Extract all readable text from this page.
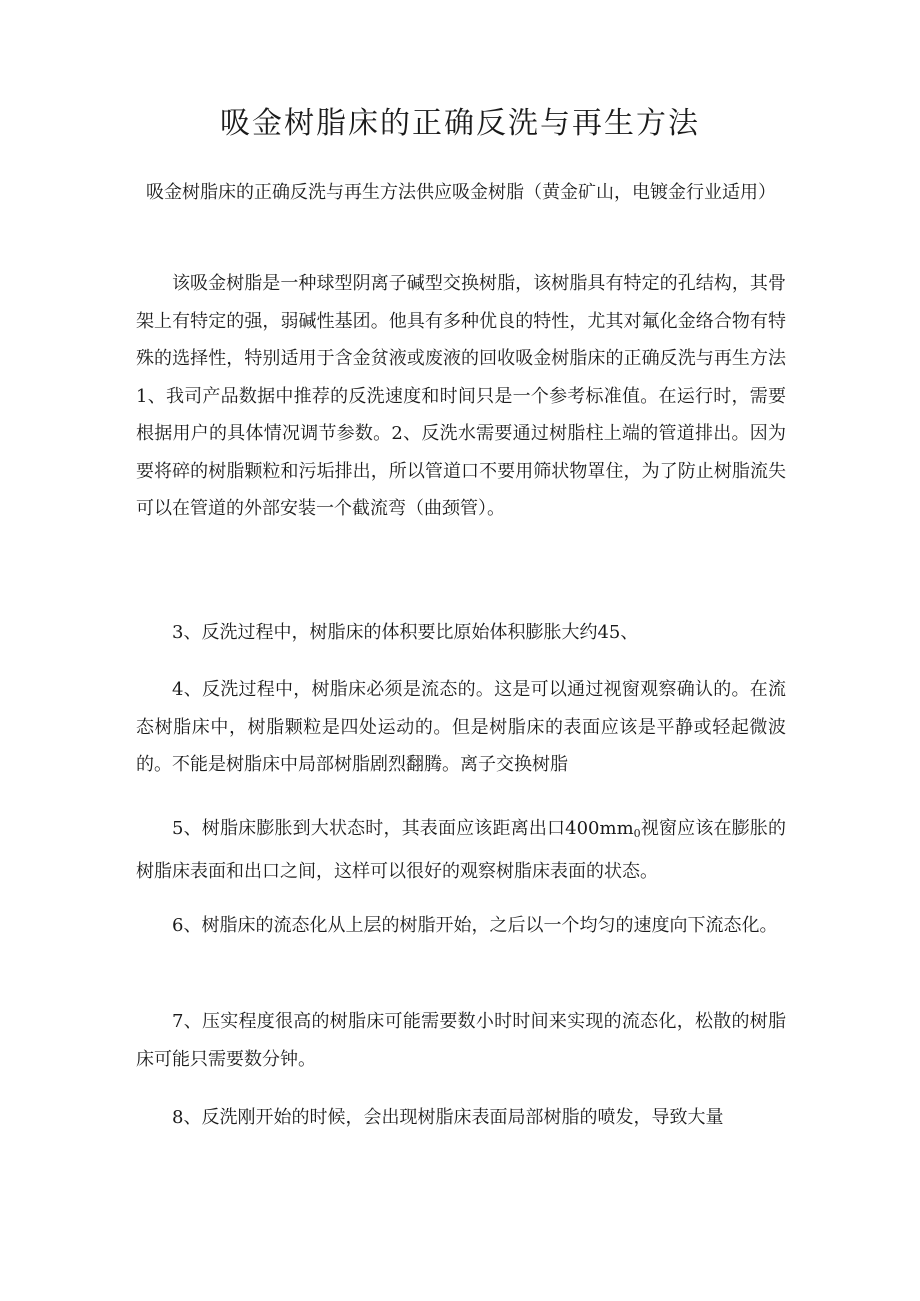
吸金树脂床的正确反洗与再生方法

吸金树脂床的正确反洗与再生方法供应吸金树脂（黄金矿山，电镀金行业适用）

该吸金树脂是一种球型阴离子碱型交换树脂，该树脂具有特定的孔结构，其骨架上有特定的强，弱碱性基团。他具有多种优良的特性，尤其对氟化金络合物有特殊的选择性，特别适用于含金贫液或废液的回收吸金树脂床的正确反洗与再生方法1、我司产品数据中推荐的反洗速度和时间只是一个参考标准值。在运行时，需要根据用户的具体情况调节参数。2、反洗水需要通过树脂柱上端的管道排出。因为要将碎的树脂颗粒和污垢排出，所以管道口不要用筛状物罩住，为了防止树脂流失可以在管道的外部安装一个截流弯（曲颈管）。

3、反洗过程中，树脂床的体积要比原始体积膨胀大约45、

4、反洗过程中，树脂床必须是流态的。这是可以通过视窗观察确认的。在流态树脂床中，树脂颗粒是四处运动的。但是树脂床的表面应该是平静或轻起微波的。不能是树脂床中局部树脂剧烈翻腾。离子交换树脂

5、树脂床膨胀到大状态时，其表面应该距离出口$400mm_0$视窗应该在膨胀的树脂床表面和出口之间，这样可以很好的观察树脂床表面的状态。

6、树脂床的流态化从上层的树脂开始，之后以一个均匀的速度向下流态化。

7、压实程度很高的树脂床可能需要数小时时间来实现的流态化，松散的树脂床可能只需要数分钟。

8、反洗刚开始的时候，会出现树脂床表面局部树脂的喷发，导致大量
